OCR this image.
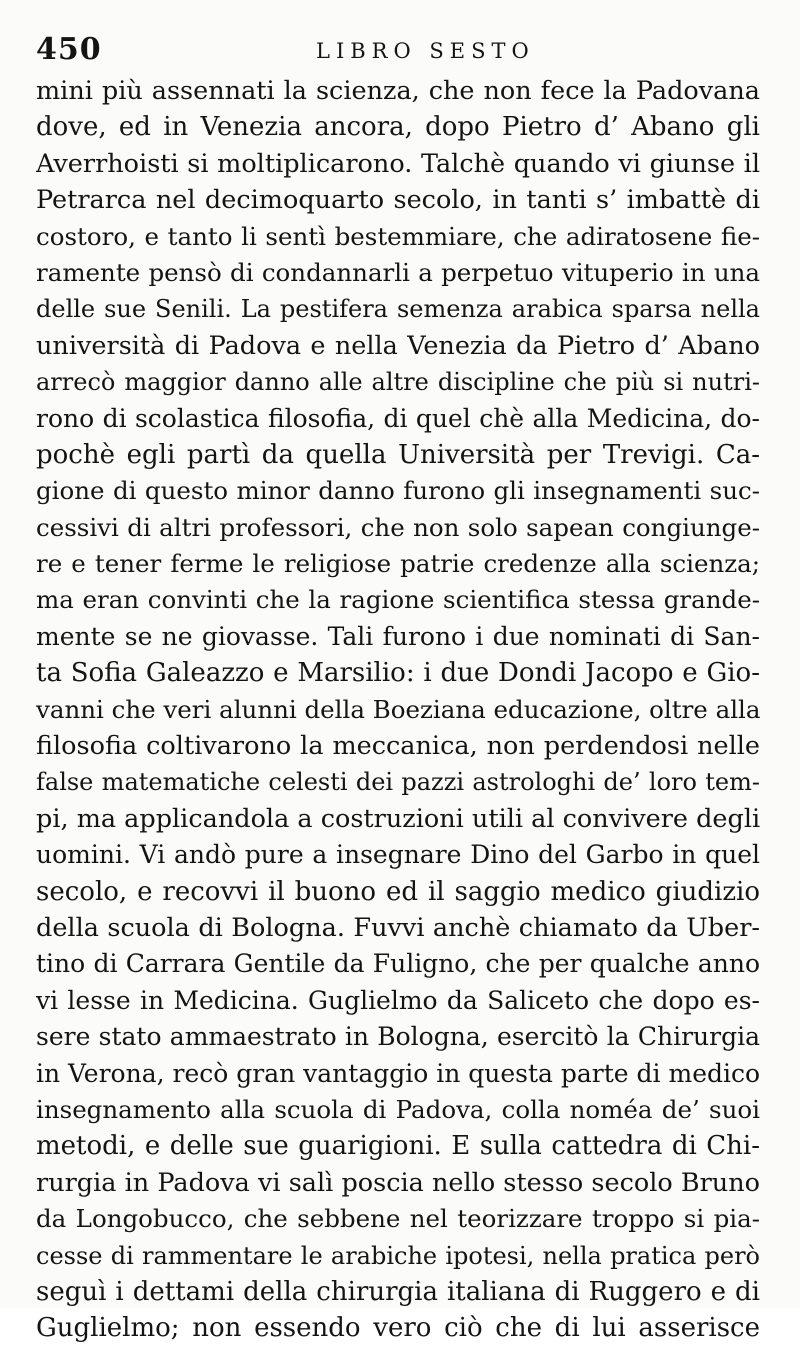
450	LIBRO SESTO
mini più assennati la scienza, che non fece la Padovana
dove, ed in Venezia ancora, dopo Pietro d’ Abano gli
Averrhoisti si moltiplicarono. Talchè quando vi giunse il
Petrarca nel decimoquarto secolo, in tanti s’ imbattè di
costoro, e tanto li sentì bestemmiare, che adiratosene fie-
ramente pensò di condannarli a perpetuo vituperio in una
delle sue Senili. La pestifera semenza arabica sparsa nella
università di Padova e nella Venezia da Pietro d’ Abano
arrecò maggior danno alle altre discipline che più si nutri-
rono di scolastica filosofia, di quel chè alla Medicina, do-
pochè egli partì da quella Università per Trevigi. Ca-
gione di questo minor danno furono gli insegnamenti suc-
cessivi di altri professori, che non solo sapean congiunge-
re e tener ferme le religiose patrie credenze alla scienza;
ma eran convinti che la ragione scientifica stessa grande-
mente se ne giovasse. Tali furono i due nominati di San-
ta Sofia Galeazzo e Marsilio: i due Dondi Jacopo e Gio-
vanni che veri alunni della Boeziana educazione, oltre alla
filosofia coltivarono la meccanica, non perdendosi nelle
false matematiche celesti dei pazzi astrologhi de’ loro tem-
pi, ma applicandola a costruzioni utili al convivere degli
uomini. Vi andò pure a insegnare Dino del Garbo in quel
secolo, e recovvi il buono ed il saggio medico giudizio
della scuola di Bologna. Fuvvi anchè chiamato da Uber-
tino di Carrara Gentile da Fuligno, che per qualche anno
vi lesse in Medicina. Guglielmo da Saliceto che dopo es-
sere stato ammaestrato in Bologna, esercitò la Chirurgia
in Verona, recò gran vantaggio in questa parte di medico
insegnamento alla scuola di Padova, colla noméa de’ suoi
metodi, e delle sue guarigioni. E sulla cattedra di Chi-
rurgia in Padova vi salì poscia nello stesso secolo Bruno
da Longobucco, che sebbene nel teorizzare troppo si pia-
cesse di rammentare le arabiche ipotesi, nella pratica però
seguì i dettami della chirurgia italiana di Ruggero e di
Guglielmo; non essendo vero ciò che di lui asserisce
